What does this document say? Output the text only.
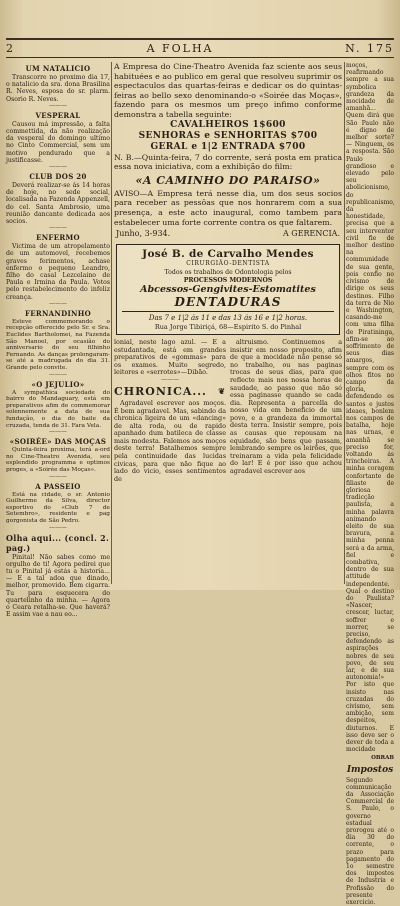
2	A FOLHA	N. 175
UM NATALICIO
Transcorre no proximo dia 17, o natalicio da sra. dona Brasilina R. Neves, esposa do sr. plarm. Osorio R. Neves.
———
VESPERAL
Causou má impressão, a falta commettida, da não realização da vesperal do domingo ultimo no Cinto Commercial, sem um motivo pendurado que a justificasse.
———
CLUB DOS 20
Deverá realizar-se ás 14 horas de hoje, no sede social, localisada na Fazenda Appenzell, do cel. Santa Ambrosio, uma reunião dancante dedicada aos socios.
———
ENFERMO
Victima de um atropelamento de um automovel, recebemos graves ferimentos, achase enfermo o pequeno Leandro, filho do casal Lezcelaino de Paula e Irmina da Paula. Votos pelo restabelecimento do infeliz creança.
———
FERNANDINHO
Esteve commemorando o recepção offerecido pelo Sr. e Sra. Euclides Bartholomei, na Fazenda São Manoel, por ocasião do anniversario do seu filhinho Fernando. As danças prolongaram-se até a madrugada do dia 31. Grande pelo convite.
———
«O JEJULIO»
A sympathica sociedade do bairro do Mandaguary, está em preparativos afim de commemorar solennemente a data de sua fundação, o dia do baile da cruzada, tenda de 31. Fara Vela.
———
«SOIRÉE» DAS MOÇAS
Quinta-feira proxima, terá a-ord no Cine-Theatro Avenida, seu esplendido programma e optimos proges, a «Soirée das Moças».
———
A PASSEIO
Está na cidade, o sr. Antonio Guilherme da Silva, director esportivo do «Club 7 de Setembro», residente e pag gorgonista de São Pedro.
———
Olha aqui... (concl. 2. pag.)
Pinital! Não sabes como me orgulho de ti! Agora pedirei que tu o Pinital já estás a historia... — E a tal adoa que dinado, melhor, promovido. Bem cigarra. Tu para esquecera do quartelinho da minha. — Agora o Ceara retalha-se. Que haverá? E assim vae a nau eo...
A Empresa do Cine-Theatro Avenida faz sciente aos seus habituées e ao publico em geral que resolveu suprimir os espectaculos das quartas-feiras e dedicar os do quintas-feiras ao bello sexo denominando-o «Soirée das Moças», fazendo para os mesmos um preço infimo conforme demonstra a tabella seguinte:
CAVALHEIROS 1$600
SENHORAS e SENHORITAS $700
GERAL e 1|2 ENTRADA $700
N. B.—Quinta-feira, 7 do corrente, será posta em pratica essa nova iniciativa, com a exhibição do film:
«A CAMINHO DO PARAISO»
AVISO—A Empresa terá nesse dia, um dos seus socios para receber as pessôas que nos honrarem com a sua presença, a este acto inaugural, como tambem para estabelecer uma forte corrente contra os que faltarem.
Junho, 3-934.	A GERENCIA.
José B. de Carvalho Mendes
CIRURGIÃO-DENTISTA
Todos os trabalhos de Odontologia pelos
PROCESSOS MODERNOS
Abcessos-Gengivites-Estomatites
DENTADURAS
Das 7 e 1|2 ás 11 e das 13 ás 16 e 1|2 horas.
Rua Jorge Tibiriçá, 68—Espirito S. do Pinhal
lonial, neste lago azul. — E a estudantada, está em grandes preparativos de «gommas» para os exames. Muito segredo, leitores e «serrotes»—Dibão.
———
CHRONICA... ❦
Agradavel escrever aos moços. É bem agradavel. Mas, sabindo da chronica ligeira de um «dancing» de alta roda, ou de rapido apanhado dum batileca de classe mais modesta. Falemos aos moços deste terra! Batalhemos sempre pela continuidade das lucidas civicas, para que não fique ao lado do vicio, esses sentimentos de
altruismo. Continuemos a insistir em nosso proposito, afim de que a mocidade não pense só no trabalho, ou nas paginas trocas de seus dias, para que reflecte mais nos nossa horas de saudade, ao passo que não só essa paginasse quando se cada dia. Representa a parcella do nosso vida em beneficio de um povo, e a grandeza da immortal desta terra. Insistir sempre, pois as causas que repousam na equidade, são bens que passam, lembrando sempre os leirões, que treinaram a vida pela felicidade do lar! E é por isso que achou agradavel escrever aos
moços, reafirmando sempre a sua symbolica grandeza da mocidade de amanhã... Quem dirá que São Paulo não é digno de melhor sorte? — Ninguem, os a resposta. São Paulo grandioso e elevado pelo seu abolicionismo, do republicanismo, da honestidade, precisa que a seu interventor civil fie de melhor destino na communidade de sua gente, pois confio no civismo de dirige os seus destinos. Filho da terra de Nio e Washington, casando-me com uma filha de Piratininga, afim-se ao soffrimento de seus dias amargos, sempre com os olhos fitos no campo da gloria, defendendo os santos e justos ideaes, bonlem nos campos de batalha, hoje nas urnas, e amanhã se preciso for, voltando ás trincheiras. A minha coragem confortante de filiaste de gloriosa tradicção paulista, a minha palavra animando eleito de sua bravura, a minha penna será a da arma, fiel e combativa, dentro de sua attitude independente. Qual o destino do Paulista? «Nascer, crescer, luctar, soffrer e morrer, se preciso, defendendo as aspirações nobres de seu povo, de seu lar, e de sua autonomia!» Por isto que insisto nas cruzadas do civismo, sem ambição, sem despeitos, diuturnos. E isso deve ser o dever de toda a mocidade
OBRAB
Impostos
Segundo communicação da Associação Commercial de S. Paulo, o governo estadual prorogou até o dia 30 do corrente, o prazo para pagamento do 1o semestre dos impostos de Industria e Profissão do presente exercicio.
